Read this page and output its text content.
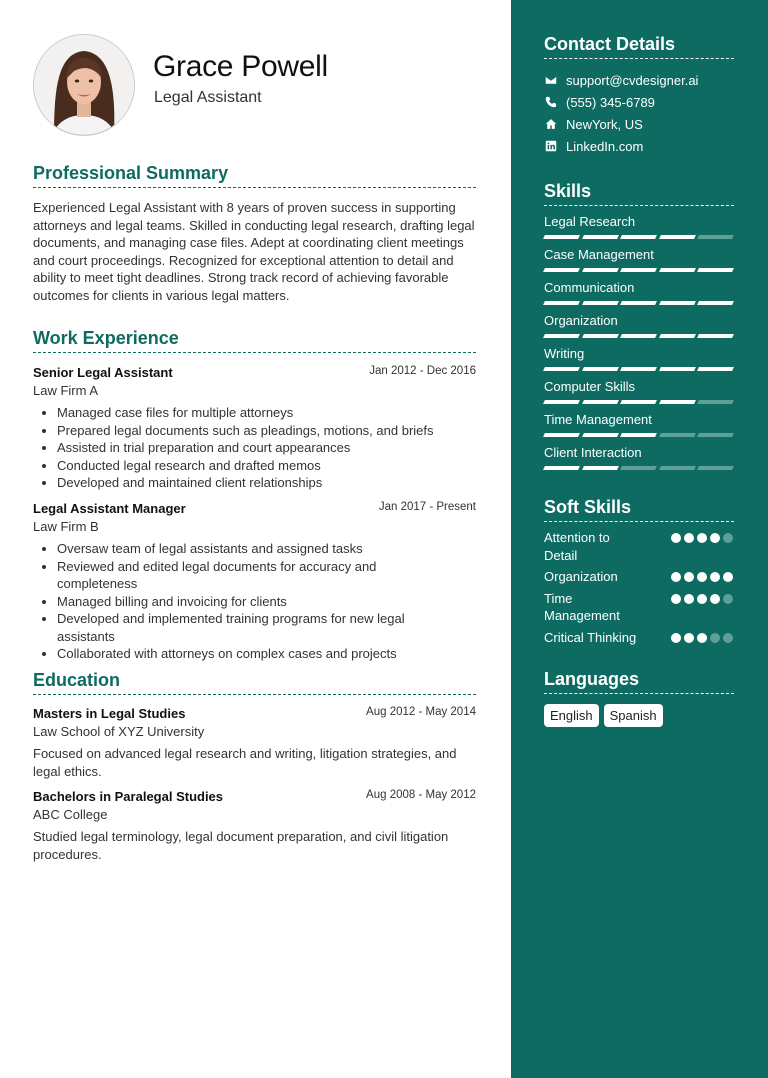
Grace Powell
Legal Assistant
Professional Summary
Experienced Legal Assistant with 8 years of proven success in supporting attorneys and legal teams. Skilled in conducting legal research, drafting legal documents, and managing case files. Adept at coordinating client meetings and court proceedings. Recognized for exceptional attention to detail and ability to meet tight deadlines. Strong track record of achieving favorable outcomes for clients in various legal matters.
Work Experience
Senior Legal Assistant	Jan 2012 - Dec 2016
Law Firm A
Managed case files for multiple attorneys
Prepared legal documents such as pleadings, motions, and briefs
Assisted in trial preparation and court appearances
Conducted legal research and drafted memos
Developed and maintained client relationships
Legal Assistant Manager	Jan 2017 - Present
Law Firm B
Oversaw team of legal assistants and assigned tasks
Reviewed and edited legal documents for accuracy and completeness
Managed billing and invoicing for clients
Developed and implemented training programs for new legal assistants
Collaborated with attorneys on complex cases and projects
Education
Masters in Legal Studies	Aug 2012 - May 2014
Law School of XYZ University
Focused on advanced legal research and writing, litigation strategies, and legal ethics.
Bachelors in Paralegal Studies	Aug 2008 - May 2012
ABC College
Studied legal terminology, legal document preparation, and civil litigation procedures.
Contact Details
support@cvdesigner.ai
(555) 345-6789
NewYork, US
LinkedIn.com
Skills
Legal Research
Case Management
Communication
Organization
Writing
Computer Skills
Time Management
Client Interaction
Soft Skills
Attention to Detail
Organization
Time Management
Critical Thinking
Languages
English	Spanish
